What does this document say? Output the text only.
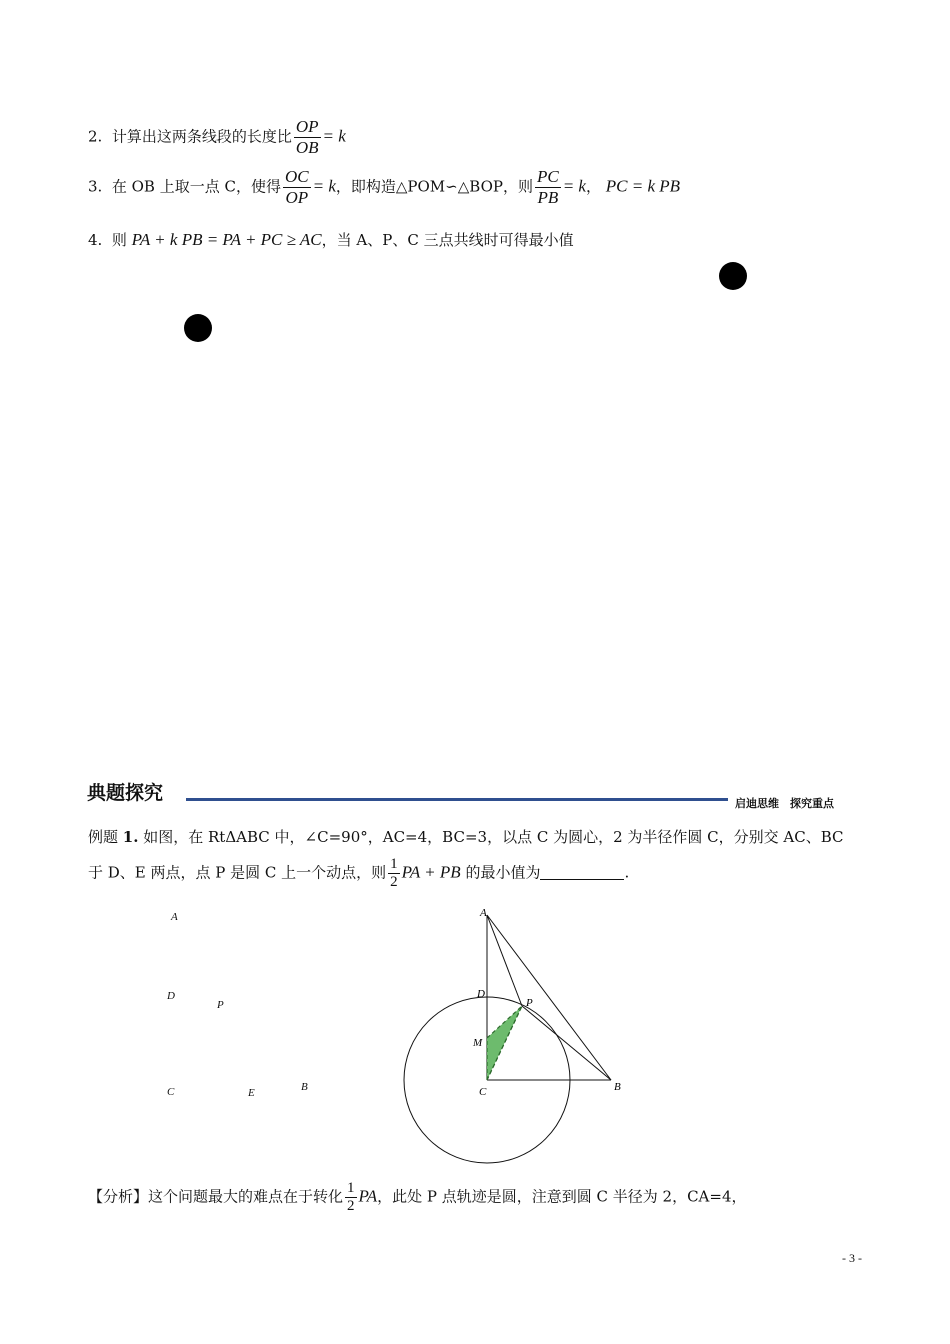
2. 计算出这两条线段的长度比 $\frac{OP}{OB} = k$
3. 在 OB 上取一点 C，使得 $\frac{OC}{OP} = k$，即构造△POM∽△BOP，则 $\frac{PC}{PB} = k$， PC = k PB
4. 则 PA + k PB = PA + PC ≥ AC，当 A、P、C 三点共线时可得最小值
典题探究	启迪思维　探究重点
例题 1. 如图，在 RtΔABC 中，∠C=90°，AC=4，BC=3，以点 C 为圆心，2 为半径作圆 C，分别交 AC、BC
于 D、E 两点，点 P 是圆 C 上一个动点，则 $\frac{1}{2}$ PA + PB 的最小值为	.
A
D
P
C	E	B
A
D
P
M
C	B
【分析】这个问题最大的难点在于转化 $\frac{1}{2}$ PA，此处 P 点轨迹是圆，注意到圆 C 半径为 2，CA=4，
- 3 -
